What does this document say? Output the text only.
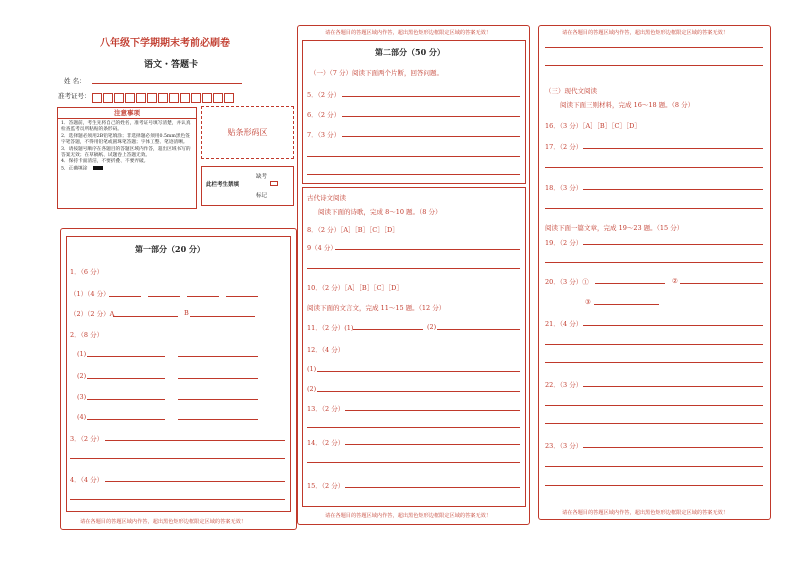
八年级下学期期末考前必刷卷
语文・答题卡
姓 名：
准考证号：
注意事项
1．答题前，考生先将自己的姓名，准考证号填写清楚，并认真检查监考员所粘贴的条形码。
2．选择题必须用2B铅笔填涂；非选择题必须用0.5mm黑色签字笔答题，不得用铅笔或圆珠笔答题；字体工整、笔迹清晰。
3．请按题号顺序在各题目的答题区域内作答，超出区域书写的答案无效；在草稿纸、试题卷上答题无效。
4．保持卡面清洁，不要折叠、不要弄破。
5．正确填涂
贴条形码区
此栏考生禁填
缺考
标记
第一部分（20 分）
1．（6 分）
（1）（4 分）
（2）（2 分）A	B
2．（8 分）
(1)
(2)
(3)
(4)
3．（2 分）
4．（4 分）
请在各题目的答题区域内作答，超出黑色矩形边框限定区域的答案无效！
请在各题目的答题区域内作答，超出黑色矩形边框限定区域的答案无效！
请在各题目的答题区域内作答，超出黑色矩形边框限定区域的答案无效！
第二部分（50 分）
（一）（7 分）阅读下面两个片断，回答问题。
5．（2 分）
6．（2 分）
7．（3 分）
古代诗文阅读
阅读下面的诗歌，完成 8～10 题。（8 分）
8．（2 分）［A］［B］［C］［D］
9（4 分）
10．（2 分）［A］［B］［C］［D］
阅读下面的文言文，完成 11～15 题。（12 分）
11．（2 分）(1)	(2)
12．（4 分）
(1)
(2)
13．（2 分）
14．（2 分）
15．（2 分）
请在各题目的答题区域内作答，超出黑色矩形边框限定区域的答案无效！
请在各题目的答题区域内作答，超出黑色矩形边框限定区域的答案无效！
（三）现代文阅读
阅读下面三则材料，完成 16～18 题。（8 分）
16．（3 分）［A］［B］［C］［D］
17．（2 分）
18．（3 分）
阅读下面一篇文章，完成 19～23 题。（15 分）
19．（2 分）
20．（3 分）①	②
③
21．（4 分）
22．（3 分）
23．（3 分）
